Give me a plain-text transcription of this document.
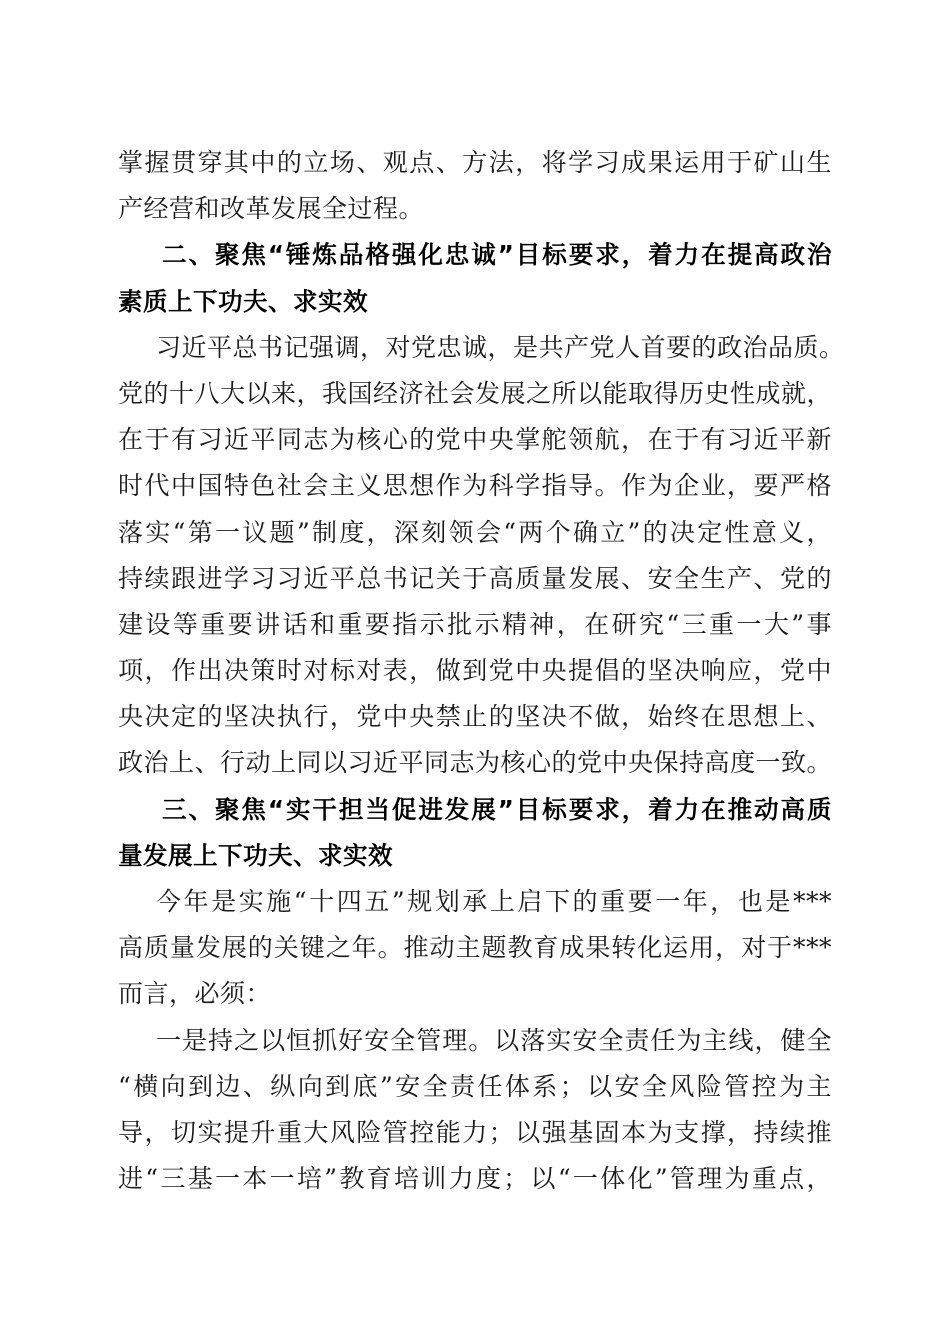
掌握贯穿其中的立场、观点、方法，将学习成果运用于矿山生
产经营和改革发展全过程。
二、聚焦“锤炼品格强化忠诚”目标要求，着力在提高政治
素质上下功夫、求实效
习近平总书记强调，对党忠诚，是共产党人首要的政治品质。
党的十八大以来，我国经济社会发展之所以能取得历史性成就，
在于有习近平同志为核心的党中央掌舵领航，在于有习近平新
时代中国特色社会主义思想作为科学指导。作为企业，要严格
落实“第一议题”制度，深刻领会“两个确立”的决定性意义，
持续跟进学习习近平总书记关于高质量发展、安全生产、党的
建设等重要讲话和重要指示批示精神，在研究“三重一大”事
项，作出决策时对标对表，做到党中央提倡的坚决响应，党中
央决定的坚决执行，党中央禁止的坚决不做，始终在思想上、
政治上、行动上同以习近平同志为核心的党中央保持高度一致。
三、聚焦“实干担当促进发展”目标要求，着力在推动高质
量发展上下功夫、求实效
今年是实施“十四五”规划承上启下的重要一年，也是***
高质量发展的关键之年。推动主题教育成果转化运用，对于***
而言，必须：
一是持之以恒抓好安全管理。以落实安全责任为主线，健全
“横向到边、纵向到底”安全责任体系；以安全风险管控为主
导，切实提升重大风险管控能力；以强基固本为支撑，持续推
进“三基一本一培”教育培训力度；以“一体化”管理为重点，
